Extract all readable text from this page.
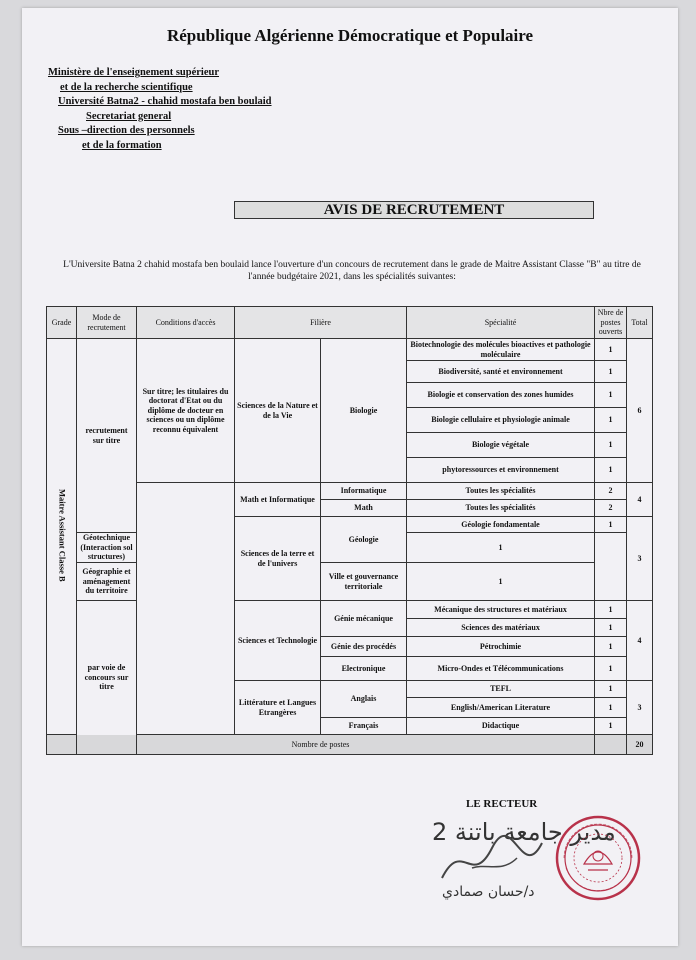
République Algérienne Démocratique et Populaire
Ministère de l'enseignement supérieur
et de la recherche scientifique
Université Batna2 - chahid mostafa ben boulaid
Secretariat general
Sous –direction des personnels
et de la formation
AVIS DE RECRUTEMENT
L'Universite Batna 2 chahid mostafa ben boulaid lance l'ouverture d'un concours de recrutement dans le grade de Maitre Assistant Classe "B" au titre de l'année budgétaire 2021, dans les spécialités suivantes:
Grade	Mode de recrutement	Conditions d'accès	Filière		Spécialité	Nbre de postes ouverts	Total
Maitre Assistant Classe B	recrutement sur titre	Sur titre; les titulaires du doctorat d'Etat ou du diplôme de docteur en sciences ou un diplôme reconnu équivalent	Sciences de la Nature et de la Vie	Biologie	Biotechnologie des molécules bioactives et pathologie moléculaire	1	6
					Biodiversité, santé et environnement	1	
					Biologie et conservation des zones humides	1	
					Biologie cellulaire et physiologie animale	1	
					Biologie végétale	1	
					phytoressources et environnement	1	
			Math et Informatique	Informatique	Toutes les spécialités	2	4
				Math	Toutes les spécialités	2	
			Sciences de la terre et de l'univers	Géologie	Géologie fondamentale	1	3
	Géotechnique (Interaction sol structures)				1		
	Géographie et aménagement du territoire			Ville et gouvernance territoriale	1		
	par voie de concours sur titre		Sciences et Technologie	Génie mécanique	Mécanique des structures et matériaux	1	4
					Sciences des matériaux	1	
				Génie des procédés	Pétrochimie	1	
				Electronique	Micro-Ondes et Télécommunications	1	
			Littérature et Langues Etrangères	Anglais	TEFL	1	3
					English/American Literature	1	
				Français	Didactique	1	
Nombre de postes							20
LE RECTEUR
مدير جامعة باتنة 2
د/حسان صمادي
